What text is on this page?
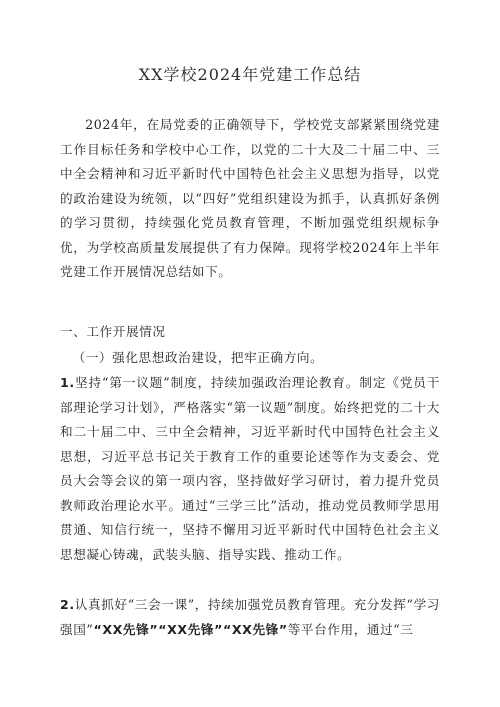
XX学校2024年党建工作总结

2024年，在局党委的正确领导下，学校党支部紧紧围绕党建工作目标任务和学校中心工作，以党的二十大及二十届二中、三中全会精神和习近平新时代中国特色社会主义思想为指导，以党的政治建设为统领，以“四好”党组织建设为抓手，认真抓好条例的学习贯彻，持续强化党员教育管理，不断加强党组织规标争优，为学校高质量发展提供了有力保障。现将学校2024年上半年党建工作开展情况总结如下。

一、工作开展情况

（一）强化思想政治建设，把牢正确方向。

1.坚持“第一议题”制度，持续加强政治理论教育。制定《党员干部理论学习计划》，严格落实“第一议题”制度。始终把党的二十大和二十届二中、三中全会精神，习近平新时代中国特色社会主义思想，习近平总书记关于教育工作的重要论述等作为支委会、党员大会等会议的第一项内容，坚持做好学习研讨，着力提升党员教师政治理论水平。通过“三学三比”活动，推动党员教师学思用贯通、知信行统一，坚持不懈用习近平新时代中国特色社会主义思想凝心铸魂，武装头脑、指导实践、推动工作。

2.认真抓好“三会一课”，持续加强党员教育管理。充分发挥“学习强国”“XX先锋”“XX先锋”“XX先锋”等平台作用，通过“三
